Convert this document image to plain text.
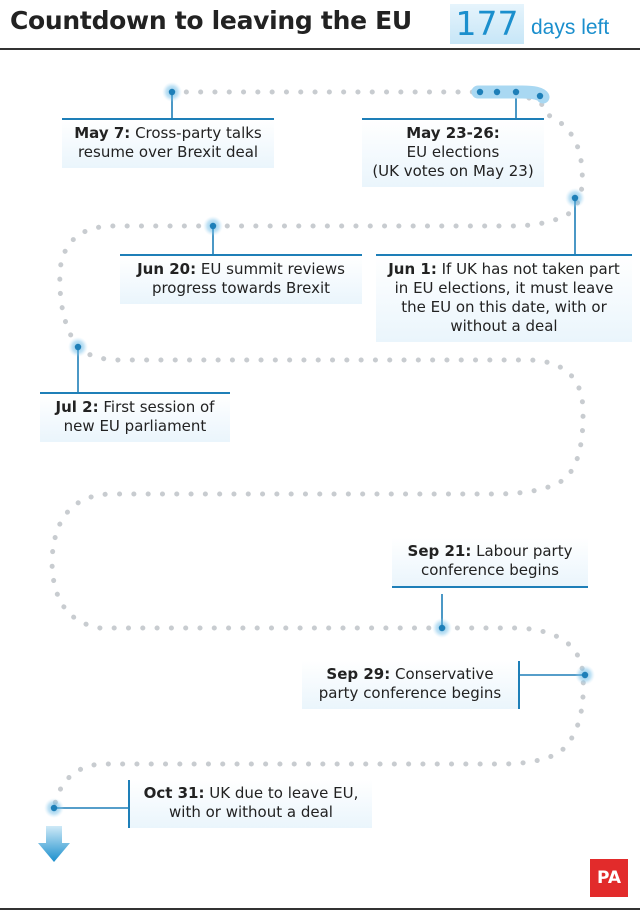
Countdown to leaving the EU 177 days left
May 7: Cross-party talks resume over Brexit deal
May 23-26:
EU elections
(UK votes on May 23)
Jun 20: EU summit reviews progress towards Brexit
Jun 1: If UK has not taken part in EU elections, it must leave the EU on this date, with or without a deal
Jul 2: First session of new EU parliament
Sep 21: Labour party conference begins
Sep 29: Conservative party conference begins
Oct 31: UK due to leave EU, with or without a deal
PA
